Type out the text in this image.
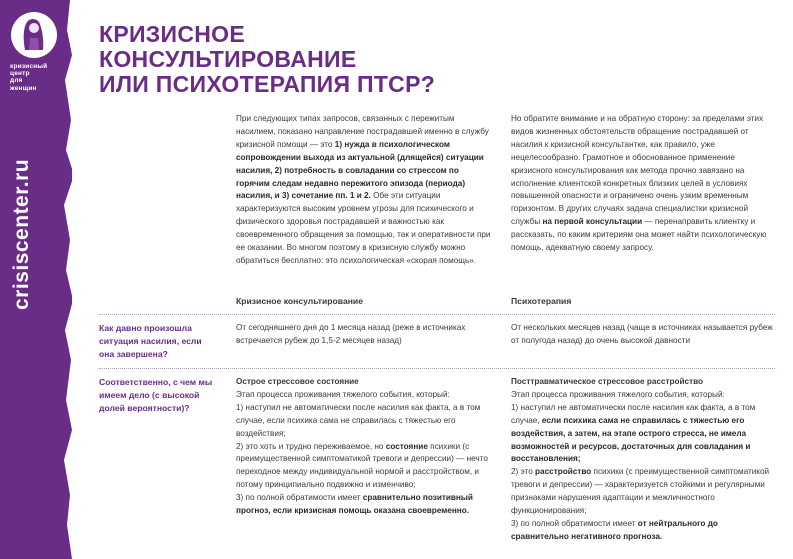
кризисный
центр
для
женщин
crisiscenter.ru
+7 (812) 327-30-00
КРИЗИСНОЕ
КОНСУЛЬТИРОВАНИЕ
ИЛИ ПСИХОТЕРАПИЯ ПТСР?
При следующих типах запросов, связанных с пережитым насилием, показано направление пострадавшей именно в службу кризисной помощи — это 1) нужда в психологическом сопровождении выхода из актуальной (длящейся) ситуации насилия, 2) потребность в совладании со стрессом по горячим следам недавно пережитого эпизода (периода) насилия, и 3) сочетание пп. 1 и 2. Обе эти ситуации характеризуются высоким уровнем угрозы для психического и физического здоровья пострадавшей и важностью как своевременного обращения за помощью, так и оперативности при ее оказании. Во многом поэтому в кризисную службу можно обратиться бесплатно: это психологическая «скорая помощь».
Но обратите внимание и на обратную сторону: за пределами этих видов жизненных обстоятельств обращение пострадавшей от насилия к кризисной консультантке, как правило, уже нецелесообразно. Грамотное и обоснованное применение кризисного консультирования как метода прочно завязано на исполнение клиентской конкретных близких целей в условиях повышенной опасности и ограничено очень узким временным горизонтом. В других случаях задача специалистки кризисной службы на первой консультации — перенаправить клиентку и рассказать, по каким критериям она может найти психологическую помощь, адекватную своему запросу.
Кризисное консультирование	Психотерапия
Как давно произошла ситуация насилия, если она завершена?
От сегодняшнего дня до 1 месяца назад (реже в источниках встречается рубеж до 1,5-2 месяцев назад)
От нескольких месяцев назад (чаще в источниках называется рубеж от полугода назад) до очень высокой давности
Соответственно, с чем мы имеем дело (с высокой долей вероятности)?
Острое стрессовое состояние
Этап процесса проживания тяжелого события, который:
1) наступил не автоматически после насилия как факта, а в том случае, если психика сама не справилась с тяжестью его воздействия;
2) это хоть и трудно переживаемое, но состояние психики (с преимущественной симптоматикой тревоги и депрессии) — нечто переходное между индивидуальной нормой и расстройством, и потому принципиально подвижно и изменчиво;
3) по полной обратимости имеет сравнительно позитивный прогноз, если кризисная помощь оказана своевременно.
Посттравматическое стрессовое расстройство
Этап процесса проживания тяжелого события, который:
1) наступил не автоматически после насилия как факта, а в том случае, если психика сама не справилась с тяжестью его воздействия, а затем, на этапе острого стресса, не имела возможностей и ресурсов, достаточных для совладания и восстановления;
2) это расстройство психики (с преимущественной симптоматикой тревоги и депрессии) — характеризуется стойкими и регулярными признаками нарушения адаптации и межличностного функционирования;
3) по полной обратимости имеет от нейтрального до сравнительно негативного прогноза.
